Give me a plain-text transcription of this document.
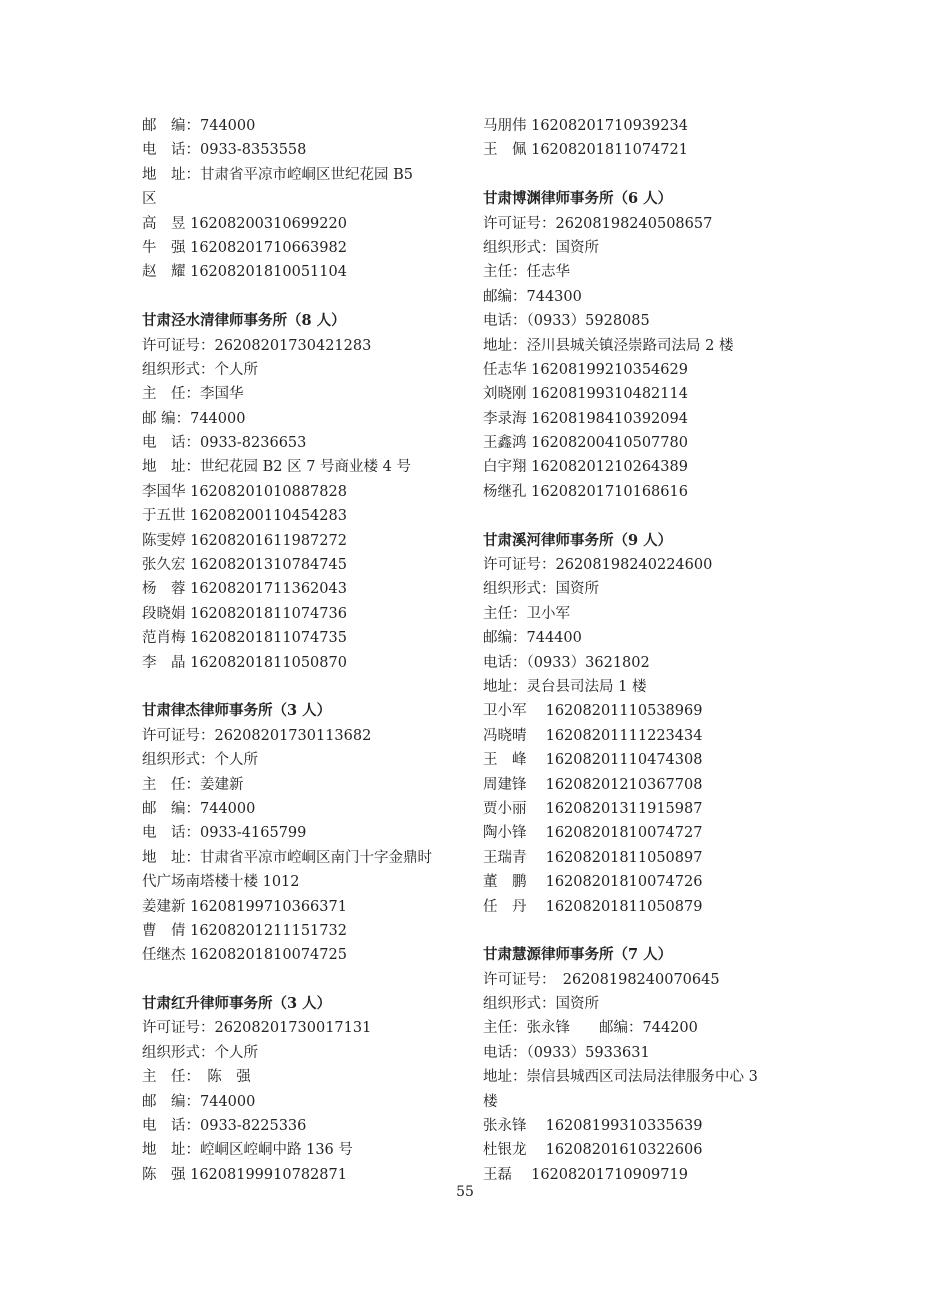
邮　编：744000
电　话：0933-8353558
地　址：甘肃省平凉市崆峒区世纪花园 B5
区
高　昱 16208200310699220
牛　强 16208201710663982
赵　耀 16208201810051104
甘肃泾水清律师事务所（8 人）
许可证号：26208201730421283
组织形式：个人所
主　任：李国华
邮 编：744000
电　话：0933-8236653
地　址：世纪花园 B2 区 7 号商业楼 4 号
李国华 16208201010887828
于五世 16208200110454283
陈雯婷 16208201611987272
张久宏 16208201310784745
杨　蓉 16208201711362043
段晓娟 16208201811074736
范肖梅 16208201811074735
李　晶 16208201811050870
甘肃律杰律师事务所（3 人）
许可证号：26208201730113682
组织形式：个人所
主　任：姜建新
邮　编：744000
电　话：0933-4165799
地　址：甘肃省平凉市崆峒区南门十字金鼎时
代广场南塔楼十楼 1012
姜建新 16208199710366371
曹　倩 16208201211151732
任继杰 16208201810074725
甘肃红升律师事务所（3 人）
许可证号：26208201730017131
组织形式：个人所
主　任：　陈　强
邮　编：744000
电　话：0933-8225336
地　址：崆峒区崆峒中路 136 号
陈　强 16208199910782871
马朋伟 16208201710939234
王　佩 16208201811074721
甘肃博渊律师事务所（6 人）
许可证号：26208198240508657
组织形式：国资所
主任：任志华
邮编：744300
电话：（0933）5928085
地址：泾川县城关镇泾崇路司法局 2 楼
任志华 16208199210354629
刘晓刚 16208199310482114
李录海 16208198410392094
王鑫鸿 16208200410507780
白宇翔 16208201210264389
杨继孔 16208201710168616
甘肃溪河律师事务所（9 人）
许可证号：26208198240224600
组织形式：国资所
主任：卫小军
邮编：744400
电话：（0933）3621802
地址：灵台县司法局 1 楼
卫小军　 16208201110538969
冯晓晴　 16208201111223434
王　峰　 16208201110474308
周建锋　 16208201210367708
贾小丽　 16208201311915987
陶小锋　 16208201810074727
王瑞青　 16208201811050897
董　鹏　 16208201810074726
任　丹　 16208201811050879
甘肃慧源律师事务所（7 人）
许可证号：　26208198240070645
组织形式：国资所
主任：张永锋　　邮编：744200
电话：（0933）5933631
地址：崇信县城西区司法局法律服务中心 3
楼
张永锋　 16208199310335639
杜银龙　 16208201610322606
王磊　 16208201710909719
55
